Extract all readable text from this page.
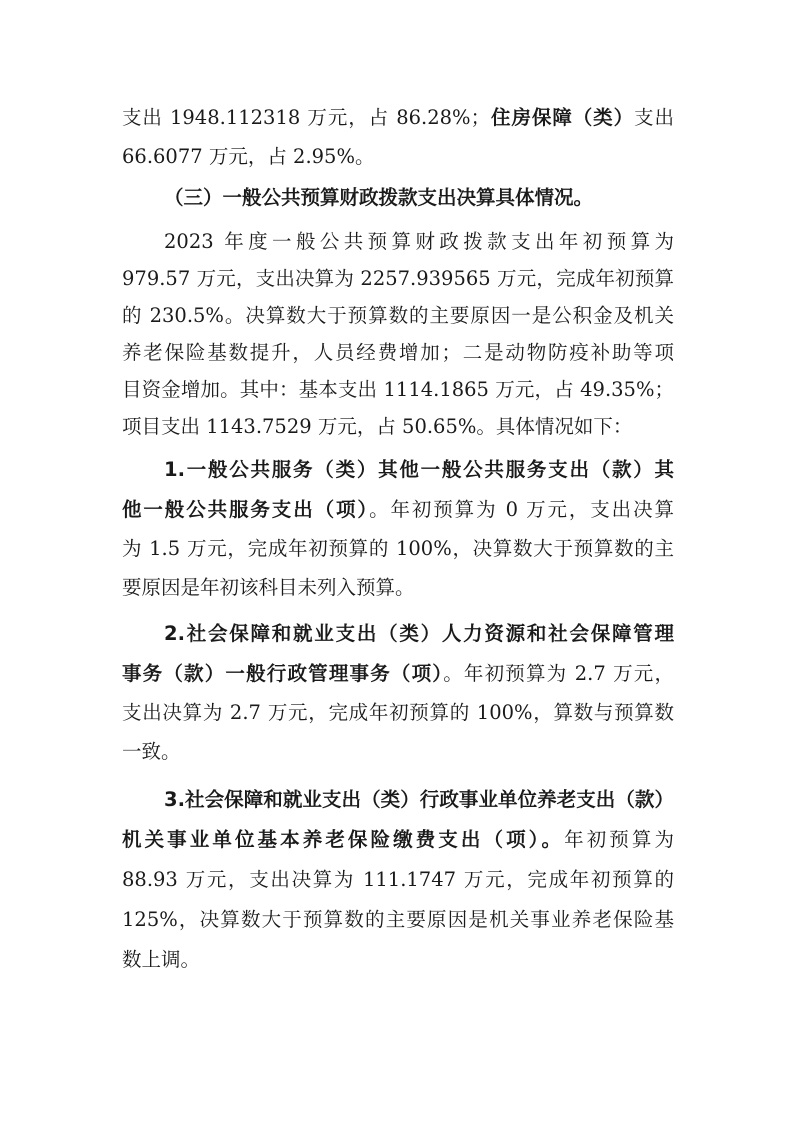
支出 1948.112318 万元，占 86.28%；住房保障（类）支出
66.6077 万元，占 2.95%。
（三）一般公共预算财政拨款支出决算具体情况。
2023 年度一般公共预算财政拨款支出年初预算为
979.57 万元，支出决算为 2257.939565 万元，完成年初预算
的 230.5%。决算数大于预算数的主要原因一是公积金及机关
养老保险基数提升，人员经费增加；二是动物防疫补助等项
目资金增加。其中：基本支出 1114.1865 万元，占 49.35%；
项目支出 1143.7529 万元，占 50.65%。具体情况如下：
1.一般公共服务（类）其他一般公共服务支出（款）其
他一般公共服务支出（项）。年初预算为 0 万元，支出决算
为 1.5 万元，完成年初预算的 100%，决算数大于预算数的主
要原因是年初该科目未列入预算。
2.社会保障和就业支出（类）人力资源和社会保障管理
事务（款）一般行政管理事务（项）。年初预算为 2.7 万元，
支出决算为 2.7 万元，完成年初预算的 100%，算数与预算数
一致。
3.社会保障和就业支出（类）行政事业单位养老支出（款）
机关事业单位基本养老保险缴费支出（项）。年初预算为
88.93 万元，支出决算为 111.1747 万元，完成年初预算的
125%，决算数大于预算数的主要原因是机关事业养老保险基
数上调。
